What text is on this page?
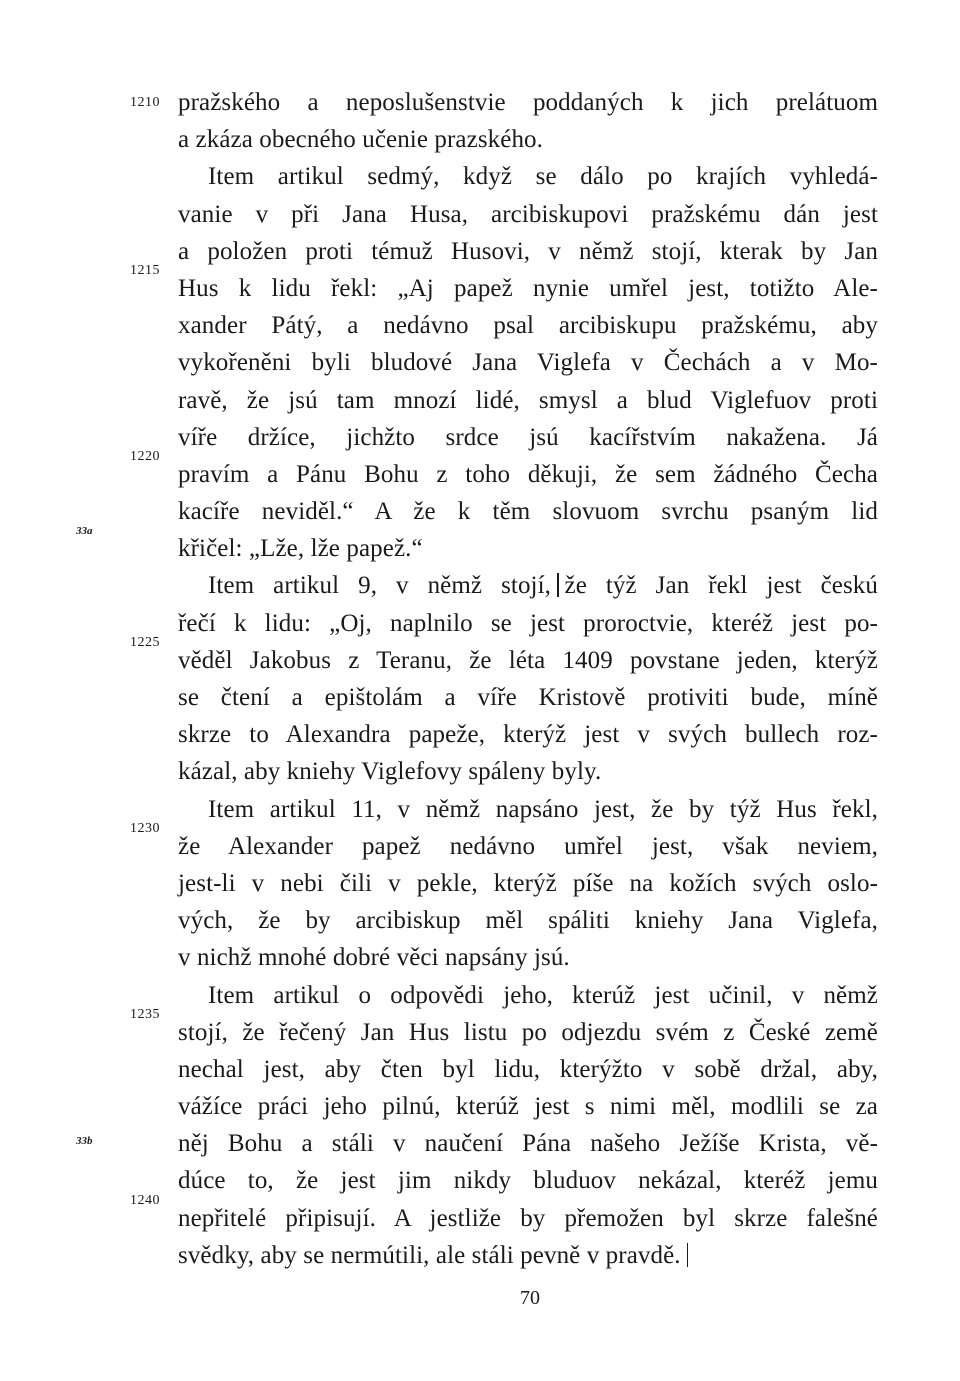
1210
1215
1220
1225
1230
1235
1240
33a
33b
pražského a neposlušenstvie poddaných k jich prelátuom
a zkáza obecného učenie prazského.
Item artikul sedmý, když se dálo po krajích vyhledá-
vanie v při Jana Husa, arcibiskupovi pražskému dán jest
a položen proti témuž Husovi, v němž stojí, kterak by Jan
Hus k lidu řekl: „Aj papež nynie umřel jest, totižto Ale-
xander Pátý, a nedávno psal arcibiskupu pražskému, aby
vykořeněni byli bludové Jana Viglefa v Čechách a v Mo-
ravě, že jsú tam mnozí lidé, smysl a blud Viglefuov proti
víře držíce, jichžto srdce jsú kacířstvím nakažena. Já
pravím a Pánu Bohu z toho děkuji, že sem žádného Čecha
kacíře neviděl.“ A že k těm slovuom svrchu psaným lid
křičel: „Lže, lže papež.“
Item artikul 9, v němž stojí, že týž Jan řekl jest českú
řečí k lidu: „Oj, naplnilo se jest proroctvie, kteréž jest po-
věděl Jakobus z Teranu, že léta 1409 povstane jeden, kterýž
se čtení a epištolám a víře Kristově protiviti bude, míně
skrze to Alexandra papeže, kterýž jest v svých bullech roz-
kázal, aby kniehy Viglefovy spáleny byly.
Item artikul 11, v němž napsáno jest, že by týž Hus řekl,
že Alexander papež nedávno umřel jest, však neviem,
jest-li v nebi čili v pekle, kterýž píše na kožích svých oslo-
vých, že by arcibiskup měl spáliti kniehy Jana Viglefa,
v nichž mnohé dobré věci napsány jsú.
Item artikul o odpovědi jeho, kterúž jest učinil, v němž
stojí, že řečený Jan Hus listu po odjezdu svém z České země
nechal jest, aby čten byl lidu, kterýžto v sobě držal, aby,
vážíce práci jeho pilnú, kterúž jest s nimi měl, modlili se za
něj Bohu a stáli v naučení Pána našeho Ježíše Krista, vě-
dúce to, že jest jim nikdy bluduov nekázal, kteréž jemu
nepřitelé připisují. A jestliže by přemožen byl skrze falešné
svědky, aby se nermútili, ale stáli pevně v pravdě.
70
